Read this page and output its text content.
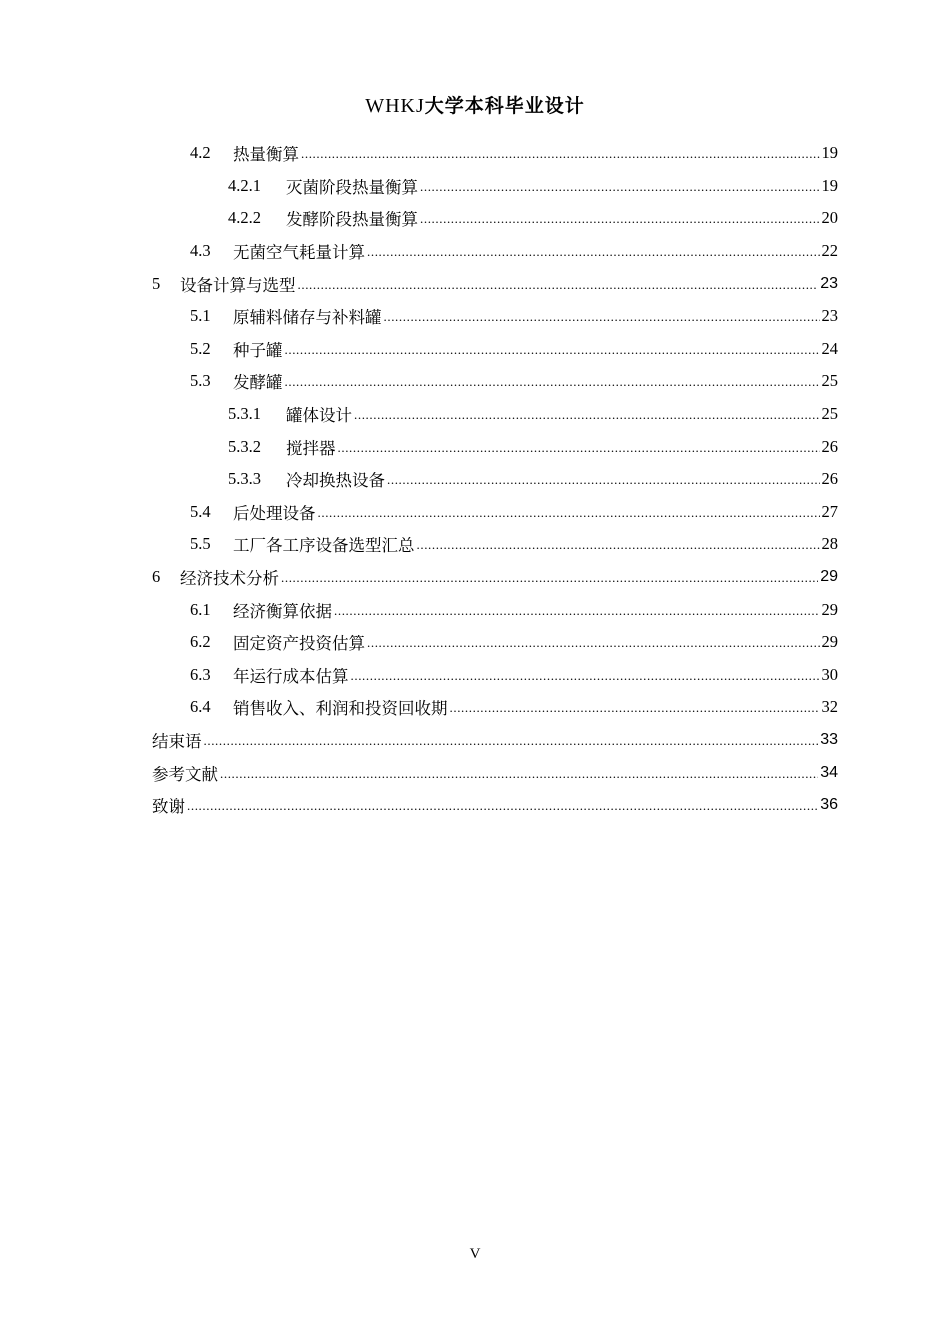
WHKJ大学本科毕业设计
4.2	热量衡算 .....	19
4.2.1	灭菌阶段热量衡算 .....	19
4.2.2	发酵阶段热量衡算 .....	20
4.3	无菌空气耗量计算 .....	22
5	设备计算与选型 .....	23
5.1	原辅料储存与补料罐 .....	23
5.2	种子罐 .....	24
5.3	发酵罐 .....	25
5.3.1	罐体设计 .....	25
5.3.2	搅拌器 .....	26
5.3.3	冷却换热设备 .....	26
5.4	后处理设备 .....	27
5.5	工厂各工序设备选型汇总 .....	28
6	经济技术分析 .....	29
6.1	经济衡算依据 .....	29
6.2	固定资产投资估算 .....	29
6.3	年运行成本估算 .....	30
6.4	销售收入、利润和投资回收期 .....	32
结束语 .....	33
参考文献 .....	34
致谢 .....	36
V
